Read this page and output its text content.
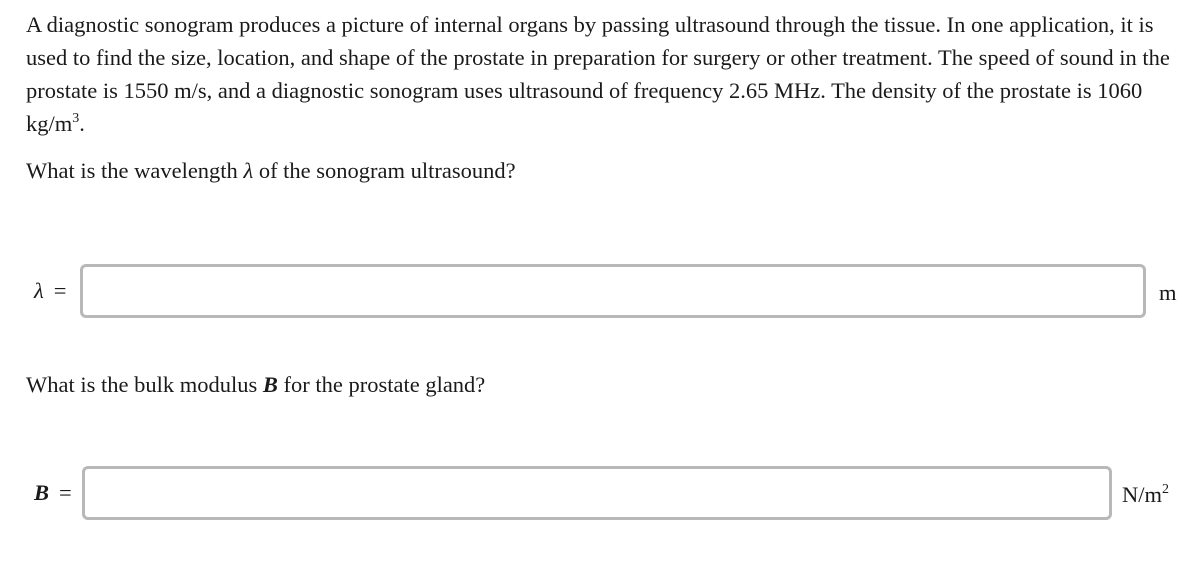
A diagnostic sonogram produces a picture of internal organs by passing ultrasound through the tissue. In one application, it is used to find the size, location, and shape of the prostate in preparation for surgery or other treatment. The speed of sound in the prostate is 1550 m/s, and a diagnostic sonogram uses ultrasound of frequency 2.65 MHz. The density of the prostate is 1060 $kg/m^3$.

What is the wavelength λ of the sonogram ultrasound?

λ =	m

What is the bulk modulus B for the prostate gland?

B =	$N/m^2$
